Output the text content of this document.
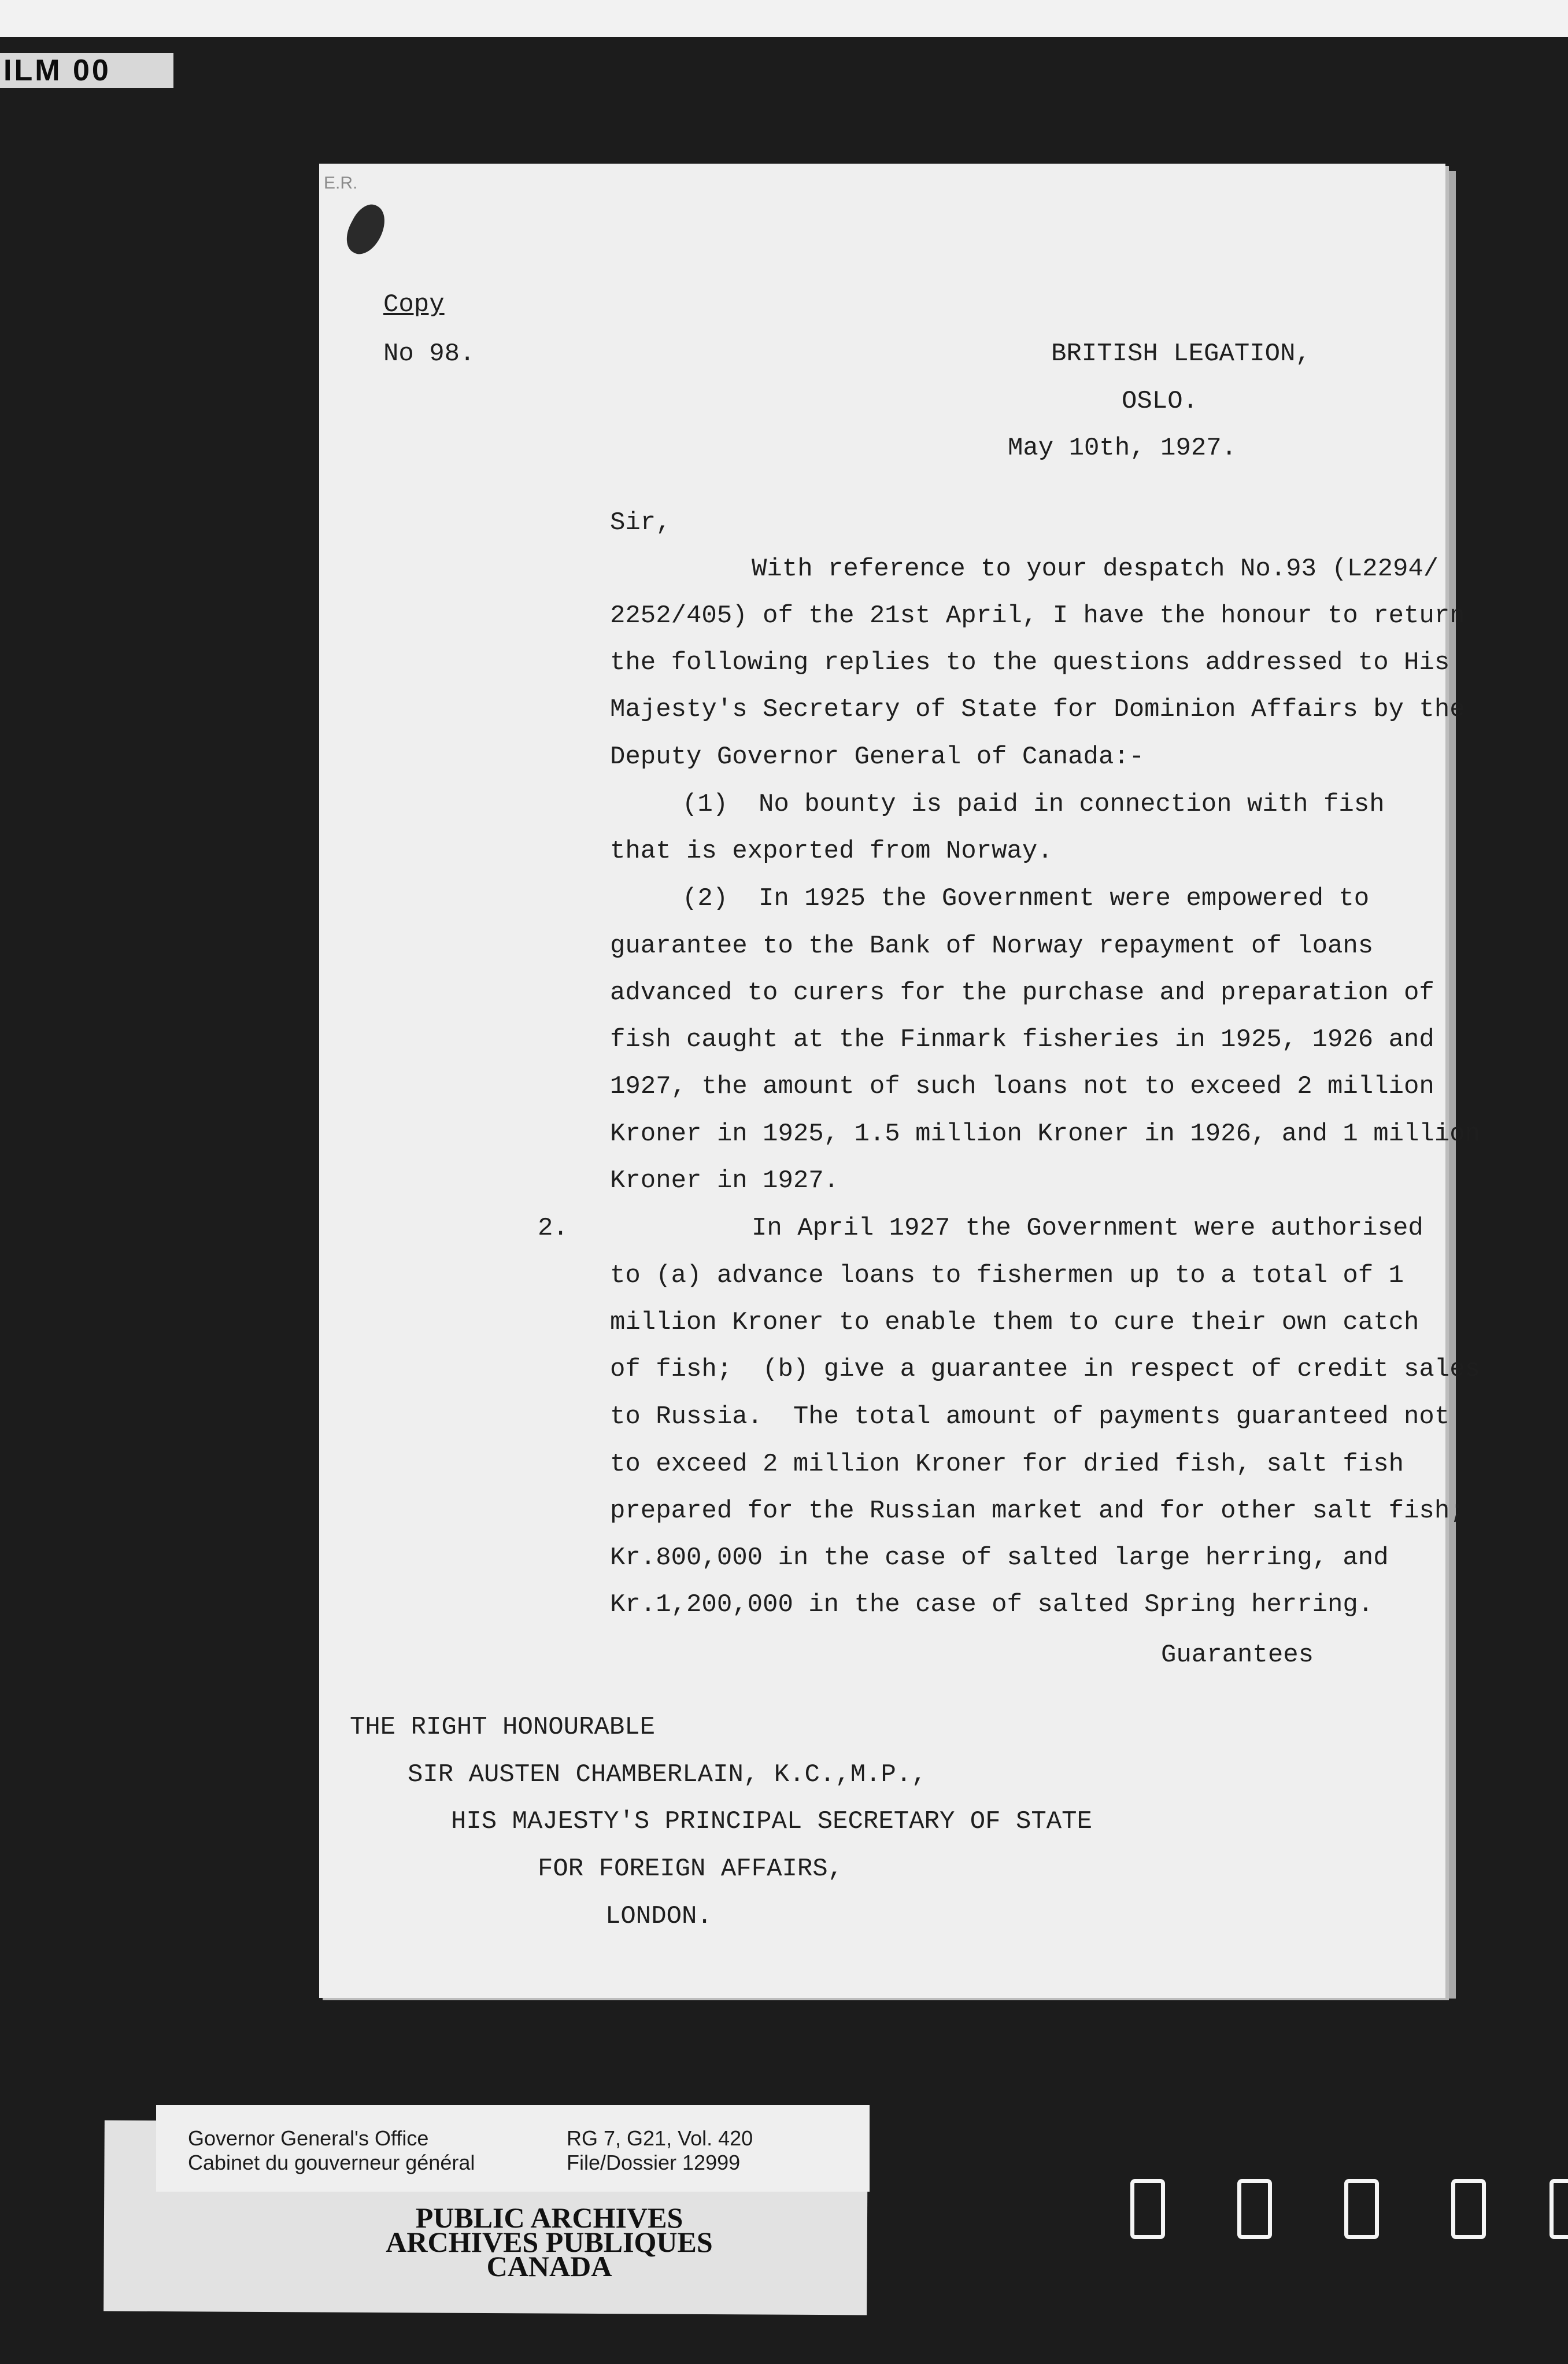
ILM 00
E.R.
Copy
No 98.	BRITISH LEGATION,
OSLO.
May 10th, 1927.
Sir,
With reference to your despatch No.93 (L2294/
2252/405) of the 21st April, I have the honour to return
the following replies to the questions addressed to His
Majesty's Secretary of State for Dominion Affairs by the
Deputy Governor General of Canada:-
(1)  No bounty is paid in connection with fish
that is exported from Norway.
(2)  In 1925 the Government were empowered to
guarantee to the Bank of Norway repayment of loans
advanced to curers for the purchase and preparation of
fish caught at the Finmark fisheries in 1925, 1926 and
1927, the amount of such loans not to exceed 2 million
Kroner in 1925, 1.5 million Kroner in 1926, and 1 million
Kroner in 1927.
2.	In April 1927 the Government were authorised
to (a) advance loans to fishermen up to a total of 1
million Kroner to enable them to cure their own catch
of fish;  (b) give a guarantee in respect of credit sales
to Russia.  The total amount of payments guaranteed not
to exceed 2 million Kroner for dried fish, salt fish
prepared for the Russian market and for other salt fish;
Kr.800,000 in the case of salted large herring, and
Kr.1,200,000 in the case of salted Spring herring.
Guarantees
THE RIGHT HONOURABLE
SIR AUSTEN CHAMBERLAIN, K.C.,M.P.,
HIS MAJESTY'S PRINCIPAL SECRETARY OF STATE
FOR FOREIGN AFFAIRS,
LONDON.
Governor General's Office
Cabinet du gouverneur général
RG 7, G21, Vol. 420
File/Dossier 12999
PUBLIC ARCHIVES
ARCHIVES PUBLIQUES
CANADA
